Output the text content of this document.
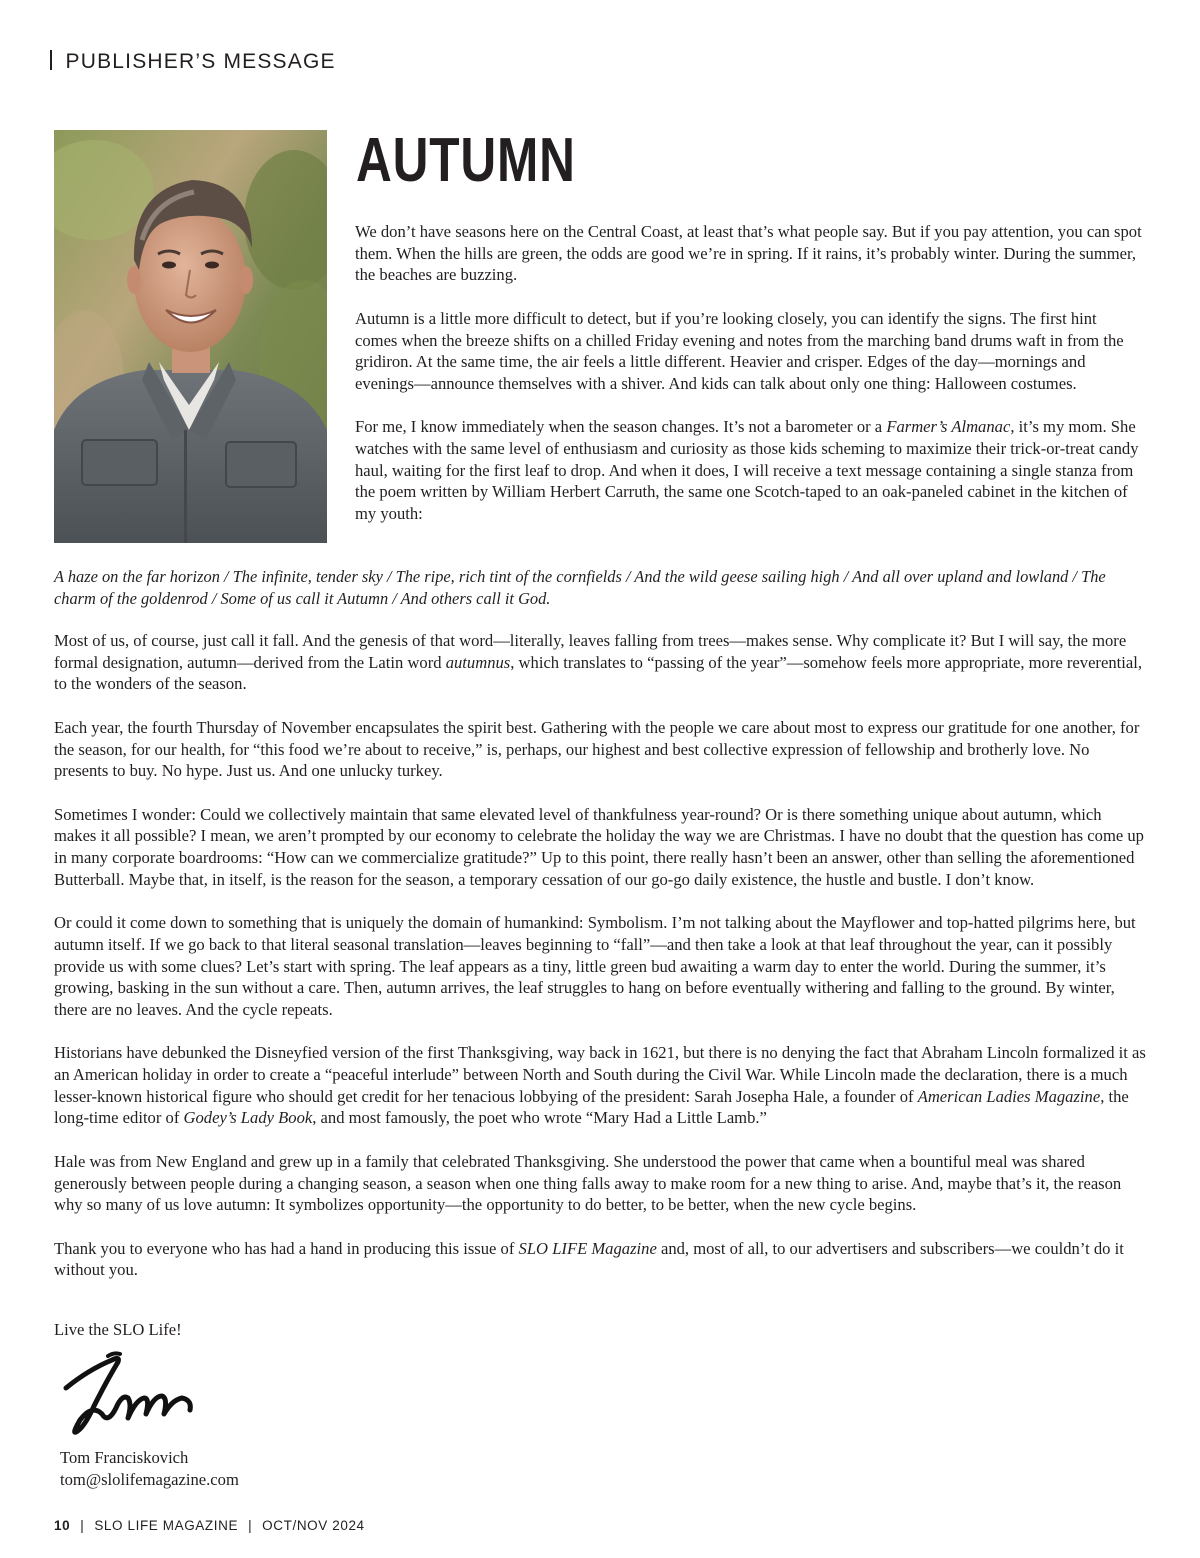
PUBLISHER’S MESSAGE
AUTUMN

We don’t have seasons here on the Central Coast, at least that’s what people say. But if you pay attention, you can spot them. When the hills are green, the odds are good we’re in spring. If it rains, it’s probably winter. During the summer, the beaches are buzzing.

Autumn is a little more difficult to detect, but if you’re looking closely, you can identify the signs. The first hint comes when the breeze shifts on a chilled Friday evening and notes from the marching band drums waft in from the gridiron. At the same time, the air feels a little different. Heavier and crisper. Edges of the day—mornings and evenings—announce themselves with a shiver. And kids can talk about only one thing: Halloween costumes.

For me, I know immediately when the season changes. It’s not a barometer or a Farmer’s Almanac, it’s my mom. She watches with the same level of enthusiasm and curiosity as those kids scheming to maximize their trick-or-treat candy haul, waiting for the first leaf to drop. And when it does, I will receive a text message containing a single stanza from the poem written by William Herbert Carruth, the same one Scotch-taped to an oak-paneled cabinet in the kitchen of my youth:

A haze on the far horizon / The infinite, tender sky / The ripe, rich tint of the cornfields / And the wild geese sailing high / And all over upland and lowland / The charm of the goldenrod / Some of us call it Autumn / And others call it God.

Most of us, of course, just call it fall. And the genesis of that word—literally, leaves falling from trees—makes sense. Why complicate it? But I will say, the more formal designation, autumn—derived from the Latin word autumnus, which translates to “passing of the year”—somehow feels more appropriate, more reverential, to the wonders of the season.

Each year, the fourth Thursday of November encapsulates the spirit best. Gathering with the people we care about most to express our gratitude for one another, for the season, for our health, for “this food we’re about to receive,” is, perhaps, our highest and best collective expression of fellowship and brotherly love. No presents to buy. No hype. Just us. And one unlucky turkey.

Sometimes I wonder: Could we collectively maintain that same elevated level of thankfulness year-round? Or is there something unique about autumn, which makes it all possible? I mean, we aren’t prompted by our economy to celebrate the holiday the way we are Christmas. I have no doubt that the question has come up in many corporate boardrooms: “How can we commercialize gratitude?” Up to this point, there really hasn’t been an answer, other than selling the aforementioned Butterball. Maybe that, in itself, is the reason for the season, a temporary cessation of our go-go daily existence, the hustle and bustle. I don’t know.

Or could it come down to something that is uniquely the domain of humankind: Symbolism. I’m not talking about the Mayflower and top-hatted pilgrims here, but autumn itself. If we go back to that literal seasonal translation—leaves beginning to “fall”—and then take a look at that leaf throughout the year, can it possibly provide us with some clues? Let’s start with spring. The leaf appears as a tiny, little green bud awaiting a warm day to enter the world. During the summer, it’s growing, basking in the sun without a care. Then, autumn arrives, the leaf struggles to hang on before eventually withering and falling to the ground. By winter, there are no leaves. And the cycle repeats.

Historians have debunked the Disneyfied version of the first Thanksgiving, way back in 1621, but there is no denying the fact that Abraham Lincoln formalized it as an American holiday in order to create a “peaceful interlude” between North and South during the Civil War. While Lincoln made the declaration, there is a much lesser-known historical figure who should get credit for her tenacious lobbying of the president: Sarah Josepha Hale, a founder of American Ladies Magazine, the long-time editor of Godey’s Lady Book, and most famously, the poet who wrote “Mary Had a Little Lamb.”

Hale was from New England and grew up in a family that celebrated Thanksgiving. She understood the power that came when a bountiful meal was shared generously between people during a changing season, a season when one thing falls away to make room for a new thing to arise. And, maybe that’s it, the reason why so many of us love autumn: It symbolizes opportunity—the opportunity to do better, to be better, when the new cycle begins.

Thank you to everyone who has had a hand in producing this issue of SLO LIFE Magazine and, most of all, to our advertisers and subscribers—we couldn’t do it without you.

Live the SLO Life!

Tom Franciskovich
tom@slolifemagazine.com
10 | SLO LIFE MAGAZINE | OCT/NOV 2024
